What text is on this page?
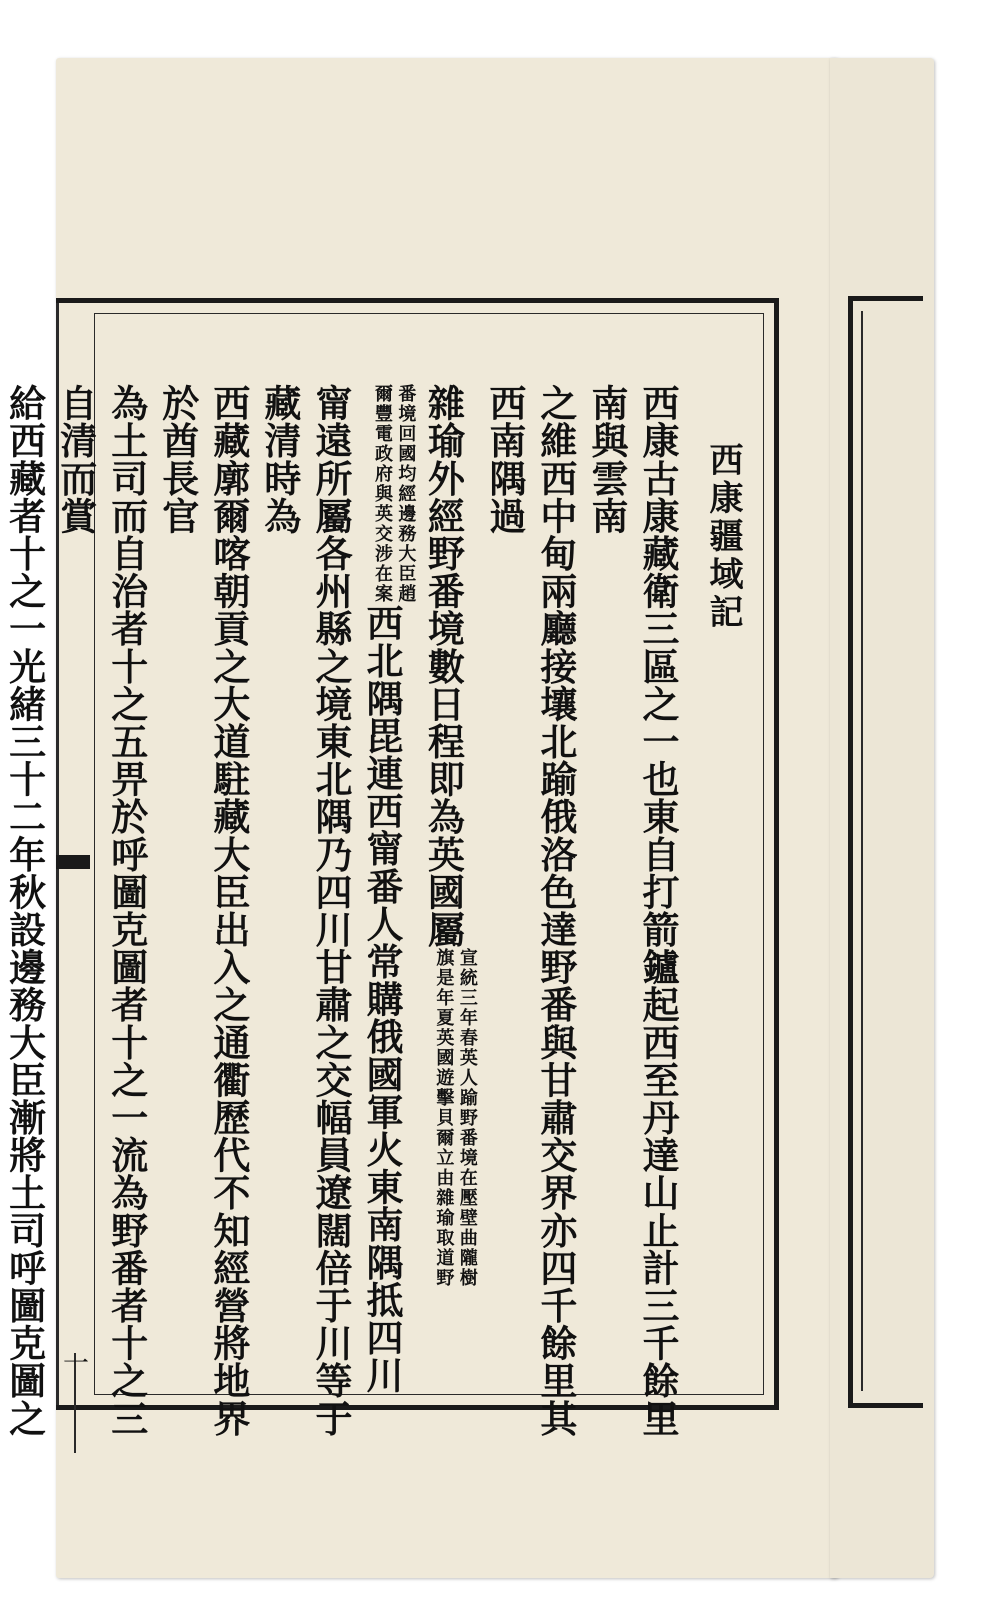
一
西康疆域記
西康古康藏衛三區之一也東自打箭鑪起西至丹達山止計三千餘里南與雲南
之維西中甸兩廳接壤北踰俄洛色達野番與甘肅交界亦四千餘里其西南隅過
雜瑜外經野番境數日程即為英國屬
宣統三年春英人踰野番境在壓壁曲隴樹
旗是年夏英國遊擊貝爾立由雜瑜取道野
番境回國均經邊務大臣趙
爾豐電政府與英交涉在案
西北隅毘連西甯番人常購俄國軍火東南隅抵四川
甯遠所屬各州縣之境東北隅乃四川甘肅之交幅員遼闊倍于川等于藏清時為
西藏廓爾喀朝貢之大道駐藏大臣出入之通衢歷代不知經營將地界於酋長官
為土司而自治者十之五畀於呼圖克圖者十之一流為野番者十之三自清而賞
給西藏者十之一光緒三十二年秋設邊務大臣漸將土司呼圖克圖之
